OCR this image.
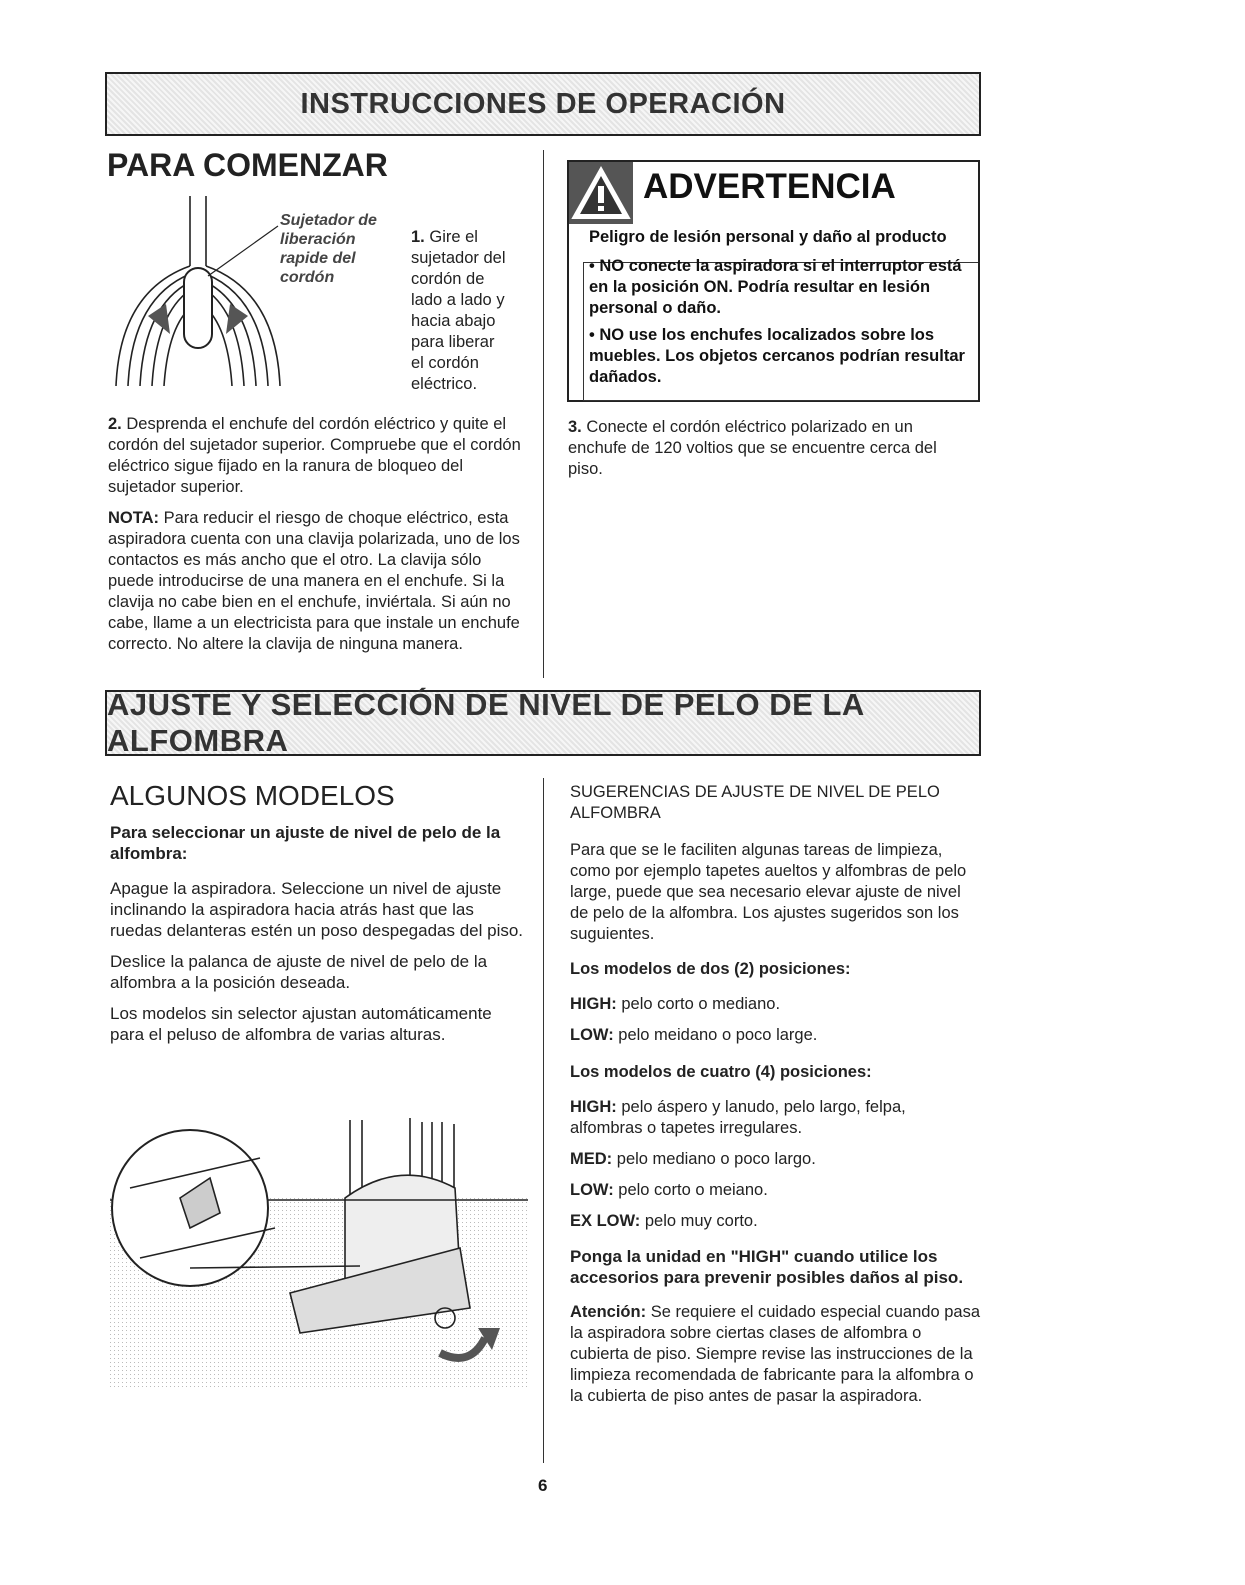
INSTRUCCIONES DE OPERACIÓN
PARA COMENZAR
Sujetador de liberación rapide del cordón
1. Gire el
sujetador del
cordón de
lado a lado y
hacia abajo
para liberar
el cordón
eléctrico.

2. Desprenda el enchufe del cordón eléctrico y quite el cordón del sujetador superior. Compruebe que el cordón eléctrico sigue fijado en la ranura de bloqueo del sujetador superior.

NOTA: Para reducir el riesgo de choque eléctrico, esta aspiradora cuenta con una clavija polarizada, uno de los contactos es más ancho que el otro. La clavija sólo puede introducirse de una manera en el enchufe. Si la clavija no cabe bien en el enchufe, inviértala. Si aún no cabe, llame a un electricista para que instale un enchufe correcto. No altere la clavija de ninguna manera.

ADVERTENCIA

Peligro de lesión personal y daño al producto

• NO conecte la aspiradora si el interruptor está en la posición ON. Podría resultar en lesión personal o daño.

• NO use los enchufes localizados sobre los muebles. Los objetos cercanos podrían resultar dañados.

3. Conecte el cordón eléctrico polarizado en un enchufe de 120 voltios que se encuentre cerca del piso.
AJUSTE Y SELECCIÓN DE NIVEL DE PELO DE LA ALFOMBRA
ALGUNOS MODELOS

Para seleccionar un ajuste de nivel de pelo de la alfombra:

Apague la aspiradora. Seleccione un nivel de ajuste inclinando la aspiradora hacia atrás hast que las ruedas delanteras estén un poso despegadas del piso.

Deslice la palanca de ajuste de nivel de pelo de la alfombra a la posición deseada.

Los modelos sin selector ajustan automáticamente para el peluso de alfombra de varias alturas.

SUGERENCIAS DE AJUSTE DE NIVEL DE PELO ALFOMBRA

Para que se le faciliten algunas tareas de limpieza, como por ejemplo tapetes aueltos y alfombras de pelo large, puede que sea necesario elevar ajuste de nivel de pelo de la alfombra. Los ajustes sugeridos son los suguientes.

Los modelos de dos (2) posiciones:

HIGH: pelo corto o mediano.

LOW: pelo meidano o poco large.

Los modelos de cuatro (4) posiciones:

HIGH: pelo áspero y lanudo, pelo largo, felpa, alfombras o tapetes irregulares.

MED: pelo mediano o poco largo.

LOW: pelo corto o meiano.

EX LOW: pelo muy corto.

Ponga la unidad en "HIGH" cuando utilice los accesorios para prevenir posibles daños al piso.

Atención: Se requiere el cuidado especial cuando pasa la aspiradora sobre ciertas clases de alfombra o cubierta de piso. Siempre revise las instrucciones de la limpieza recomendada de fabricante para la alfombra o la cubierta de piso antes de pasar la aspiradora.

6
